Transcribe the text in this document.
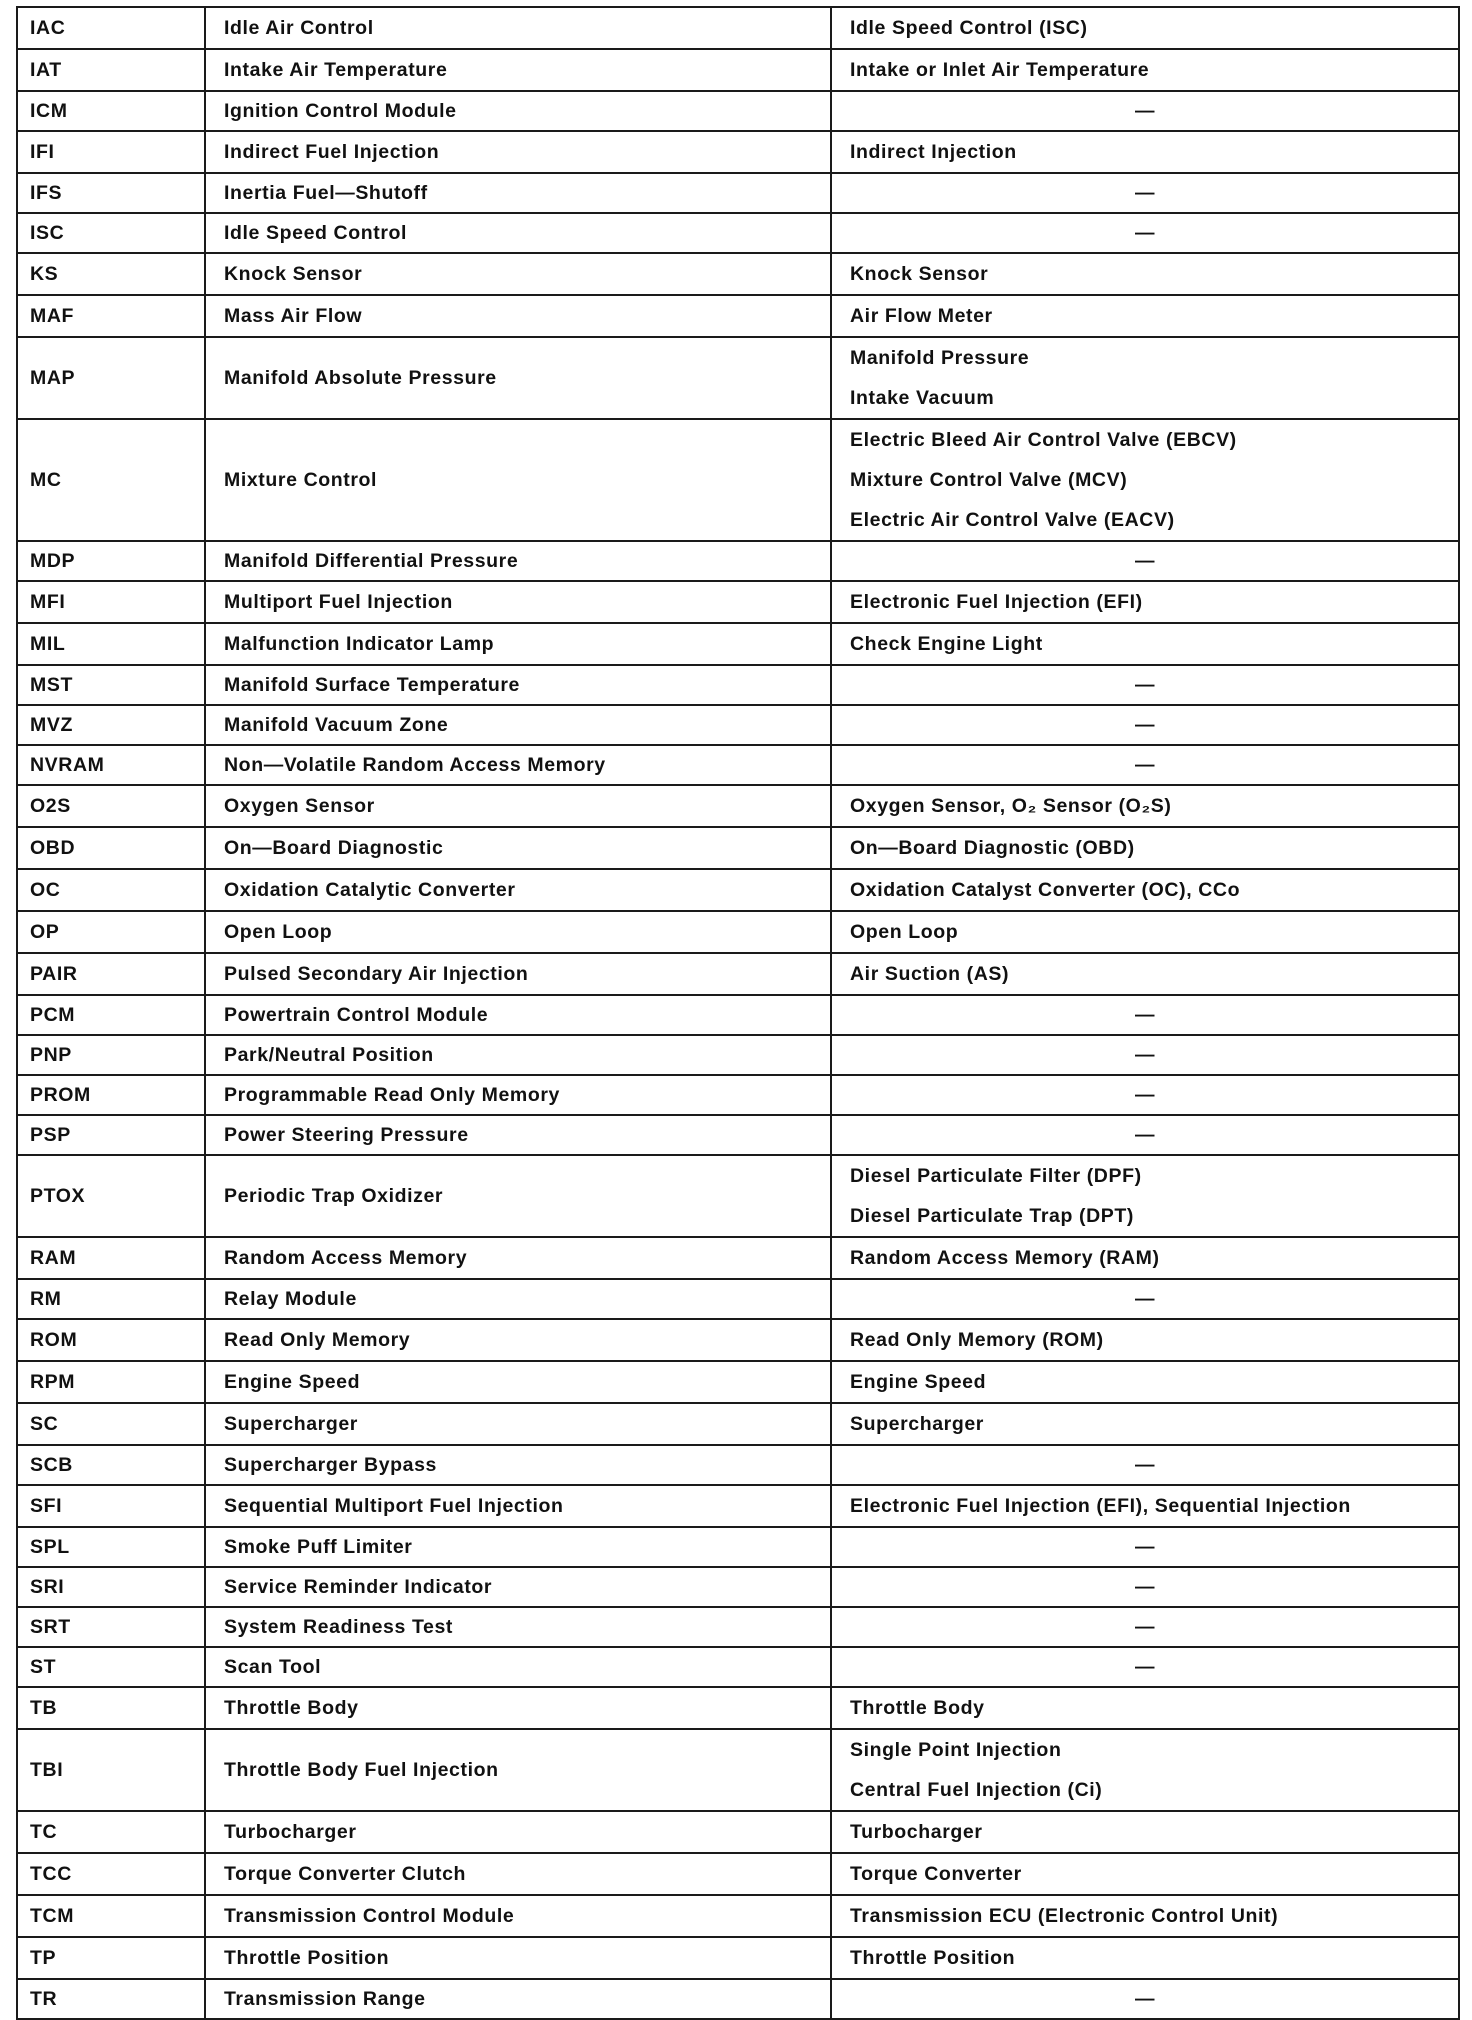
IAC	Idle Air Control	Idle Speed Control (ISC)

IAT	Intake Air Temperature	Intake or Inlet Air Temperature

ICM	Ignition Control Module	—

IFI	Indirect Fuel Injection	Indirect Injection

IFS	Inertia Fuel—Shutoff	—

ISC	Idle Speed Control	—

KS	Knock Sensor	Knock Sensor

MAF	Mass Air Flow	Air Flow Meter

MAP	Manifold Absolute Pressure	Manifold Pressure
Intake Vacuum

MC	Mixture Control	Electric Bleed Air Control Valve (EBCV)
Mixture Control Valve (MCV)
Electric Air Control Valve (EACV)

MDP	Manifold Differential Pressure	—

MFI	Multiport Fuel Injection	Electronic Fuel Injection (EFI)

MIL	Malfunction Indicator Lamp	Check Engine Light

MST	Manifold Surface Temperature	—

MVZ	Manifold Vacuum Zone	—

NVRAM	Non—Volatile Random Access Memory	—

O2S	Oxygen Sensor	Oxygen Sensor, O₂ Sensor (O₂S)

OBD	On—Board Diagnostic	On—Board Diagnostic (OBD)

OC	Oxidation Catalytic Converter	Oxidation Catalyst Converter (OC), CCo

OP	Open Loop	Open Loop

PAIR	Pulsed Secondary Air Injection	Air Suction (AS)

PCM	Powertrain Control Module	—

PNP	Park/Neutral Position	—

PROM	Programmable Read Only Memory	—

PSP	Power Steering Pressure	—

PTOX	Periodic Trap Oxidizer	Diesel Particulate Filter (DPF)
Diesel Particulate Trap (DPT)

RAM	Random Access Memory	Random Access Memory (RAM)

RM	Relay Module	—

ROM	Read Only Memory	Read Only Memory (ROM)

RPM	Engine Speed	Engine Speed

SC	Supercharger	Supercharger

SCB	Supercharger Bypass	—

SFI	Sequential Multiport Fuel Injection	Electronic Fuel Injection (EFI), Sequential Injection

SPL	Smoke Puff Limiter	—

SRI	Service Reminder Indicator	—

SRT	System Readiness Test	—

ST	Scan Tool	—

TB	Throttle Body	Throttle Body

TBI	Throttle Body Fuel Injection	Single Point Injection
Central Fuel Injection (Ci)

TC	Turbocharger	Turbocharger

TCC	Torque Converter Clutch	Torque Converter

TCM	Transmission Control Module	Transmission ECU (Electronic Control Unit)

TP	Throttle Position	Throttle Position

TR	Transmission Range	—
